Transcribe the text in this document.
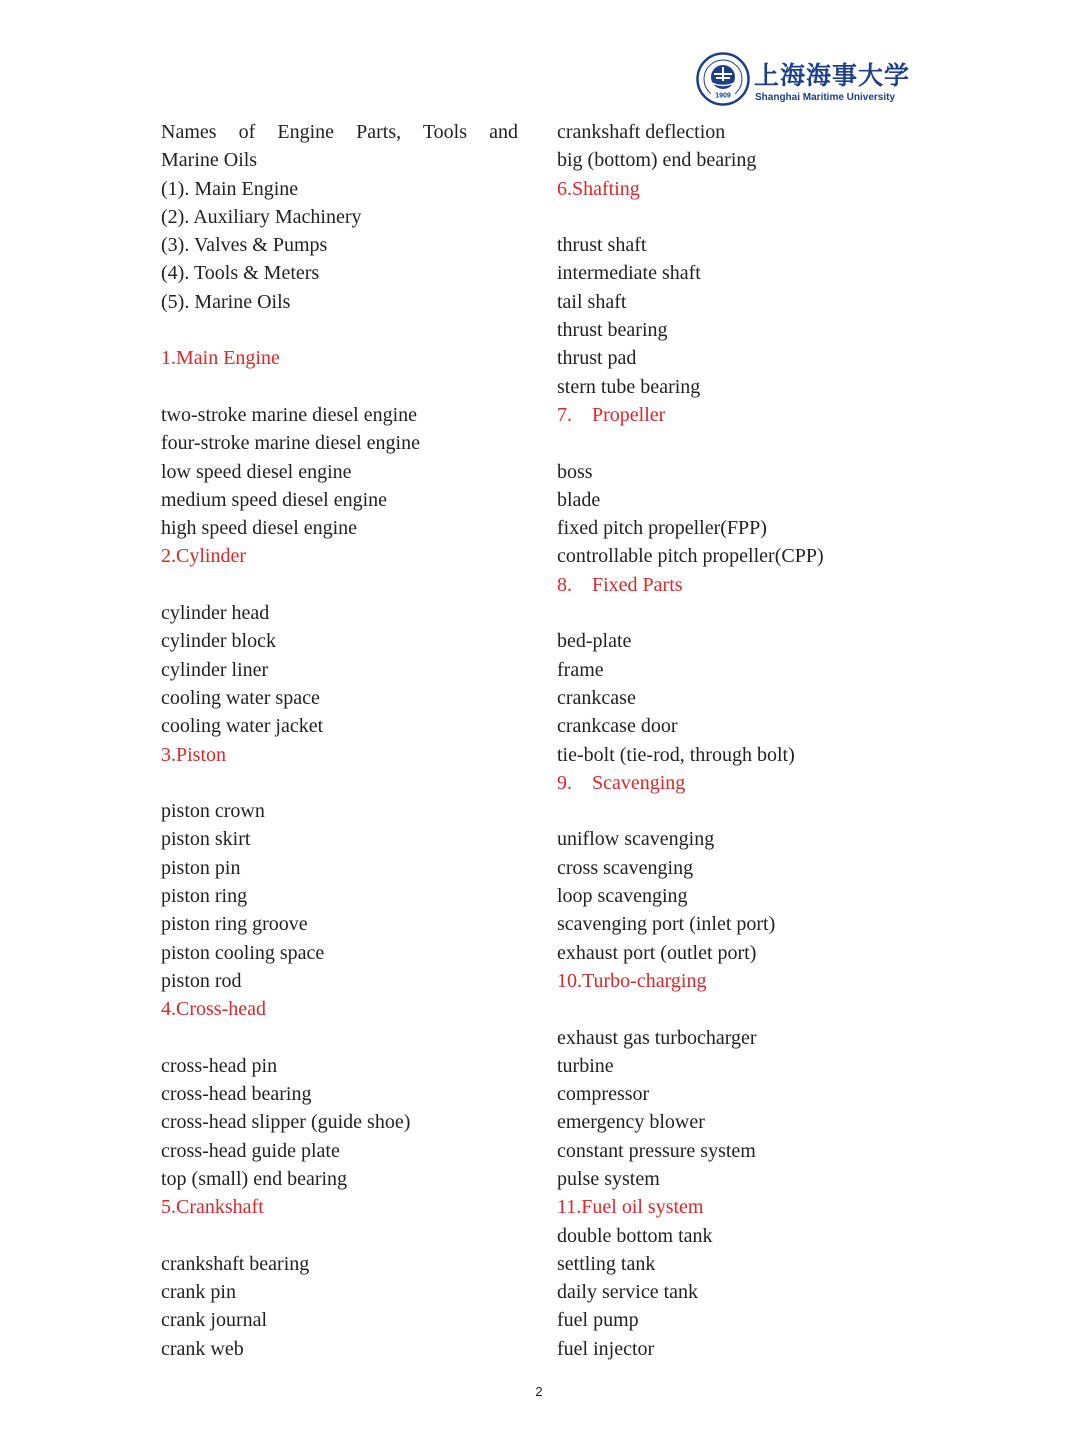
1909
上海海事大学
Shanghai Maritime University
Names of Engine Parts, Tools and
Marine Oils
(1). Main Engine
(2). Auxiliary Machinery
(3). Valves & Pumps
(4). Tools & Meters
(5). Marine Oils
1.Main Engine
two-stroke marine diesel engine
four-stroke marine diesel engine
low speed diesel engine
medium speed diesel engine
high speed diesel engine
2.Cylinder
cylinder head
cylinder block
cylinder liner
cooling water space
cooling water jacket
3.Piston
piston crown
piston skirt
piston pin
piston ring
piston ring groove
piston cooling space
piston rod
4.Cross-head
cross-head pin
cross-head bearing
cross-head slipper (guide shoe)
cross-head guide plate
top (small) end bearing
5.Crankshaft
crankshaft bearing
crank pin
crank journal
crank web
crankshaft deflection
big (bottom) end bearing
6.Shafting
thrust shaft
intermediate shaft
tail shaft
thrust bearing
thrust pad
stern tube bearing
7.    Propeller
boss
blade
fixed pitch propeller(FPP)
controllable pitch propeller(CPP)
8.    Fixed Parts
bed-plate
frame
crankcase
crankcase door
tie-bolt (tie-rod, through bolt)
9.    Scavenging
uniflow scavenging
cross scavenging
loop scavenging
scavenging port (inlet port)
exhaust port (outlet port)
10.Turbo-charging
exhaust gas turbocharger
turbine
compressor
emergency blower
constant pressure system
pulse system
11.Fuel oil system
double bottom tank
settling tank
daily service tank
fuel pump
fuel injector
2
